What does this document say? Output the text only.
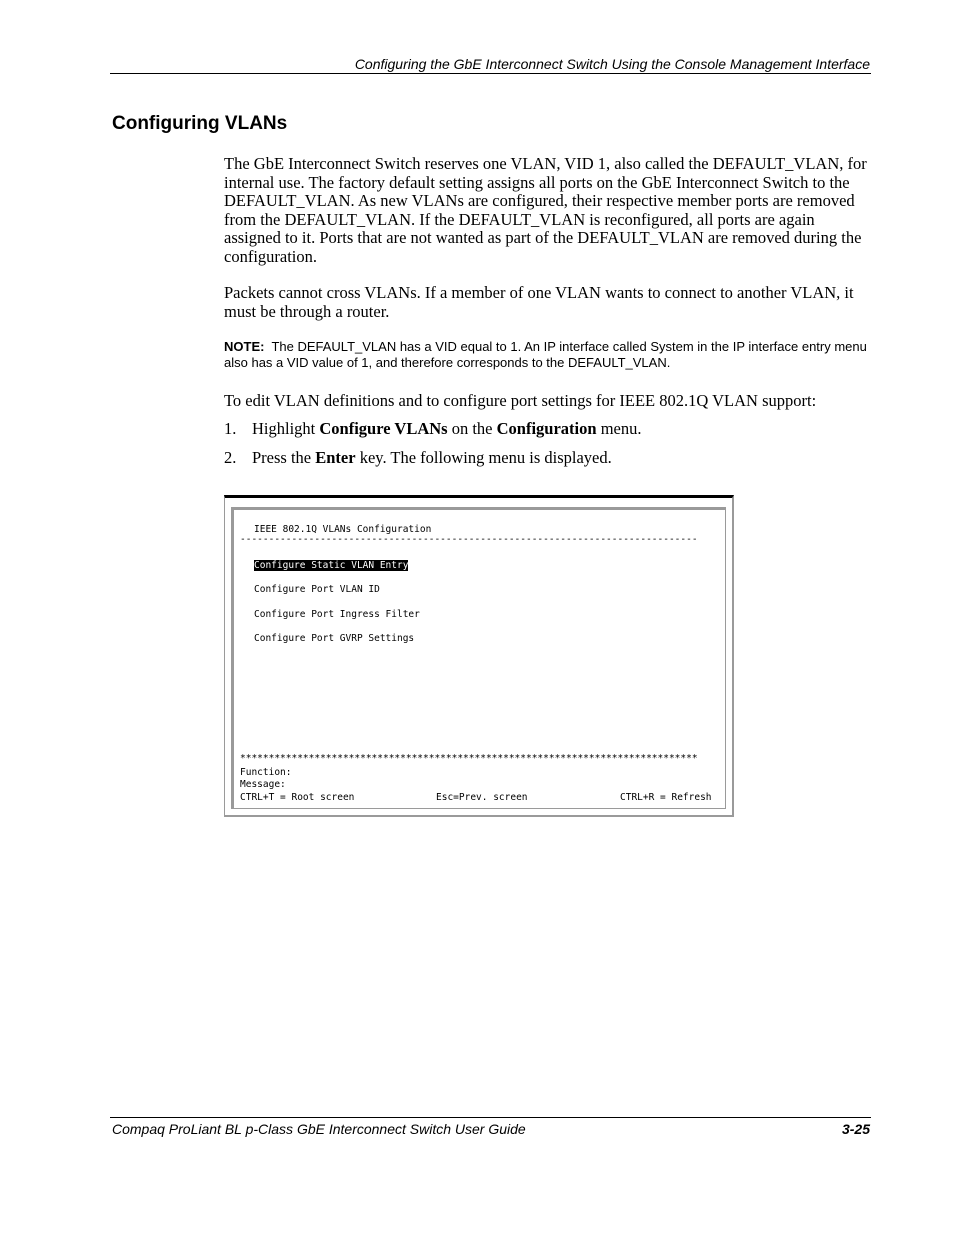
Configuring the GbE Interconnect Switch Using the Console Management Interface
Configuring VLANs

The GbE Interconnect Switch reserves one VLAN, VID 1, also called the DEFAULT_VLAN, for internal use. The factory default setting assigns all ports on the GbE Interconnect Switch to the DEFAULT_VLAN. As new VLANs are configured, their respective member ports are removed from the DEFAULT_VLAN. If the DEFAULT_VLAN is reconfigured, all ports are again assigned to it. Ports that are not wanted as part of the DEFAULT_VLAN are removed during the configuration.

Packets cannot cross VLANs. If a member of one VLAN wants to connect to another VLAN, it must be through a router.

NOTE: The DEFAULT_VLAN has a VID equal to 1. An IP interface called System in the IP interface entry menu also has a VID value of 1, and therefore corresponds to the DEFAULT_VLAN.

To edit VLAN definitions and to configure port settings for IEEE 802.1Q VLAN support:

1. Highlight Configure VLANs on the Configuration menu.
2. Press the Enter key. The following menu is displayed.
IEEE 802.1Q VLANs Configuration
--------------------------------------------------------------------------------
Configure Static VLAN Entry
Configure Port VLAN ID
Configure Port Ingress Filter
Configure Port GVRP Settings
********************************************************************************
Function:
Message:
CTRL+T = Root screen	Esc=Prev. screen	CTRL+R = Refresh
Compaq ProLiant BL p-Class GbE Interconnect Switch User Guide	3-25
